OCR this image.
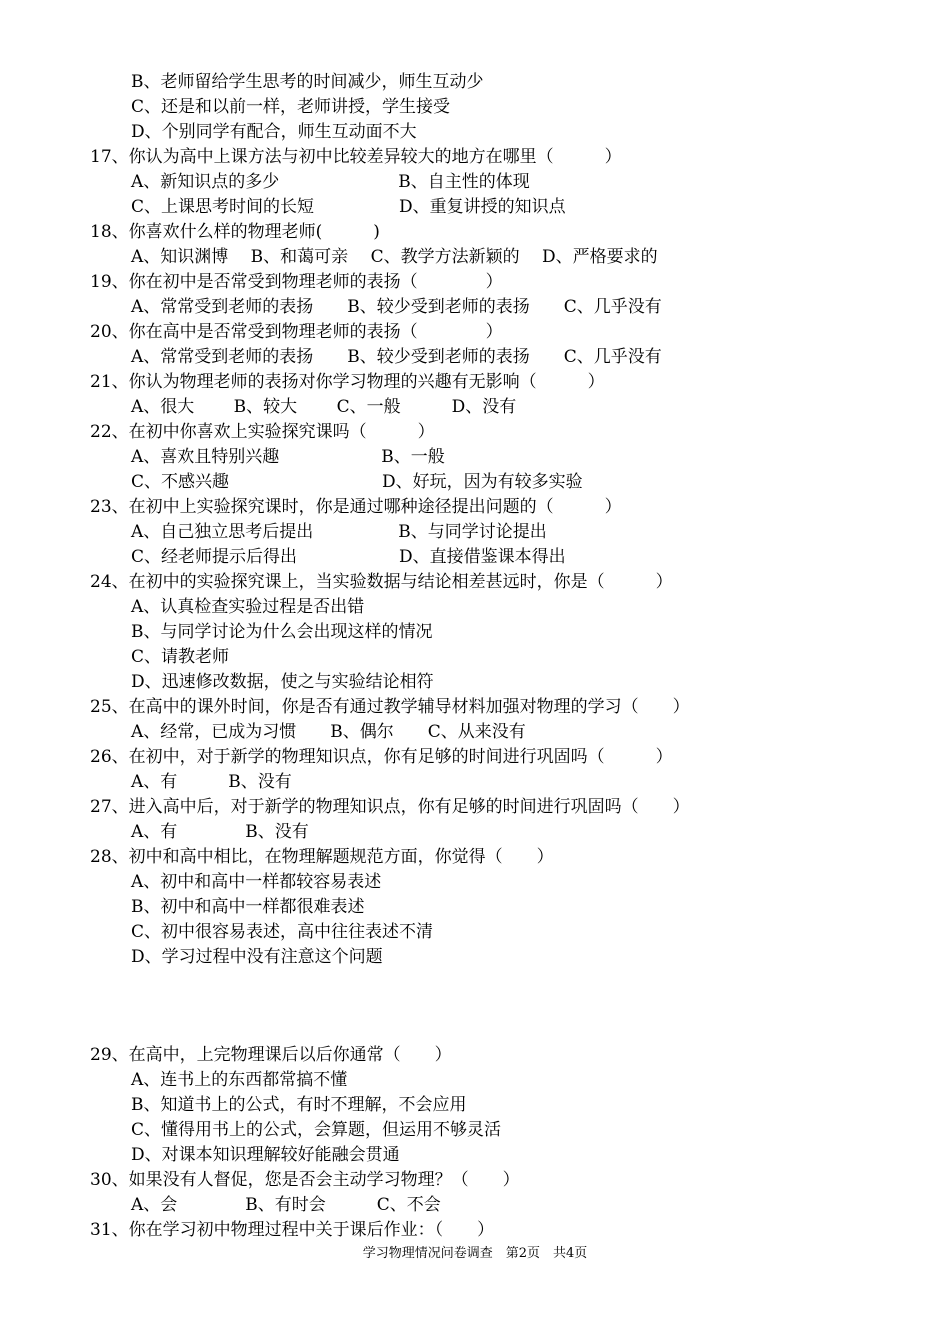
B、老师留给学生思考的时间减少，师生互动少
C、还是和以前一样，老师讲授，学生接受
D、个别同学有配合，师生互动面不大
17、你认为高中上课方法与初中比较差异较大的地方在哪里（　　　）
A、新知识点的多少　　　　　　　B、自主性的体现
C、上课思考时间的长短　　　　　D、重复讲授的知识点
18、你喜欢什么样的物理老师(　　　)
A、知识渊博　 B、和蔼可亲　 C、教学方法新颖的　 D、严格要求的
19、你在初中是否常受到物理老师的表扬（　　　　）
A、常常受到老师的表扬　　B、较少受到老师的表扬　　C、几乎没有
20、你在高中是否常受到物理老师的表扬（　　　　）
A、常常受到老师的表扬　　B、较少受到老师的表扬　　C、几乎没有
21、你认为物理老师的表扬对你学习物理的兴趣有无影响（　　　）
A、很大　　 B、较大　　 C、一般　　　D、没有
22、在初中你喜欢上实验探究课吗（　　　）
A、喜欢且特别兴趣　　　　　　B、一般
C、不感兴趣　　　　　　　　　D、好玩，因为有较多实验
23、在初中上实验探究课时，你是通过哪种途径提出问题的（　　　）
A、自己独立思考后提出　　　　　B、与同学讨论提出
C、经老师提示后得出　　　　　　D、直接借鉴课本得出
24、在初中的实验探究课上，当实验数据与结论相差甚远时，你是（　　　）
A、认真检查实验过程是否出错
B、与同学讨论为什么会出现这样的情况
C、请教老师
D、迅速修改数据，使之与实验结论相符
25、在高中的课外时间，你是否有通过教学辅导材料加强对物理的学习（　　）
A、经常，已成为习惯　　B、偶尔　　C、从来没有
26、在初中，对于新学的物理知识点，你有足够的时间进行巩固吗（　　　）
A、有　　　B、没有
27、进入高中后，对于新学的物理知识点，你有足够的时间进行巩固吗（　　）
A、有　　　　B、没有
28、初中和高中相比，在物理解题规范方面，你觉得（　　）
A、初中和高中一样都较容易表述
B、初中和高中一样都很难表述
C、初中很容易表述，高中往往表述不清
D、学习过程中没有注意这个问题
29、在高中，上完物理课后以后你通常（　　）
A、连书上的东西都常搞不懂
B、知道书上的公式，有时不理解，不会应用
C、懂得用书上的公式，会算题，但运用不够灵活
D、对课本知识理解较好能融会贯通
30、如果没有人督促，您是否会主动学习物理？（　　）
A、会　　　　B、有时会　　　C、不会
31、你在学习初中物理过程中关于课后作业：（　　）
学习物理情况问卷调查　第2页　共4页
